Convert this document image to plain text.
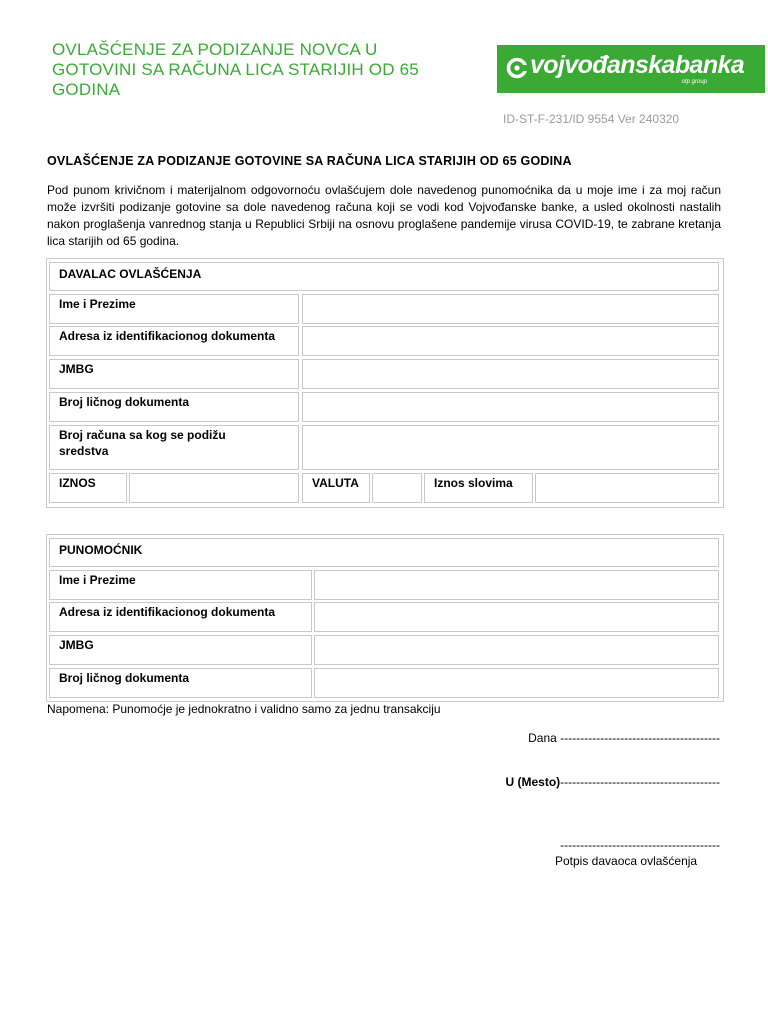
OVLAŠĆENJE ZA PODIZANJE NOVCA U GOTOVINI SA RAČUNA LICA STARIJIH OD 65 GODINA
vojvođanskabanka
otp group
ID-ST-F-231/ID 9554 Ver 240320
OVLAŠĆENJE ZA PODIZANJE GOTOVINE SA RAČUNA LICA STARIJIH OD 65 GODINA
Pod punom krivičnom i materijalnom odgovornoću ovlašćujem dole navedenog punomoćnika da u moje ime i za moj račun može izvršiti podizanje gotovine sa dole navedenog računa koji se vodi kod Vojvođanske banke, a usled okolnosti nastalih nakon proglašenja vanrednog stanja u Republici Srbiji na osnovu proglašene pandemije virusa COVID-19, te zabrane kretanja lica starijih od 65 godina.
DAVALAC OVLAŠĆENJA
Ime i Prezime
Adresa iz identifikacionog dokumenta
JMBG
Broj ličnog dokumenta
Broj računa sa kog se podižu sredstva
IZNOS	VALUTA	Iznos slovima
PUNOMOĆNIK
Ime i Prezime
Adresa iz identifikacionog dokumenta
JMBG
Broj ličnog dokumenta
Napomena: Punomoćje je jednokratno i validno samo za jednu transakciju
Dana ----------------------------------------
U (Mesto)----------------------------------------
----------------------------------------
Potpis davaoca ovlašćenja
